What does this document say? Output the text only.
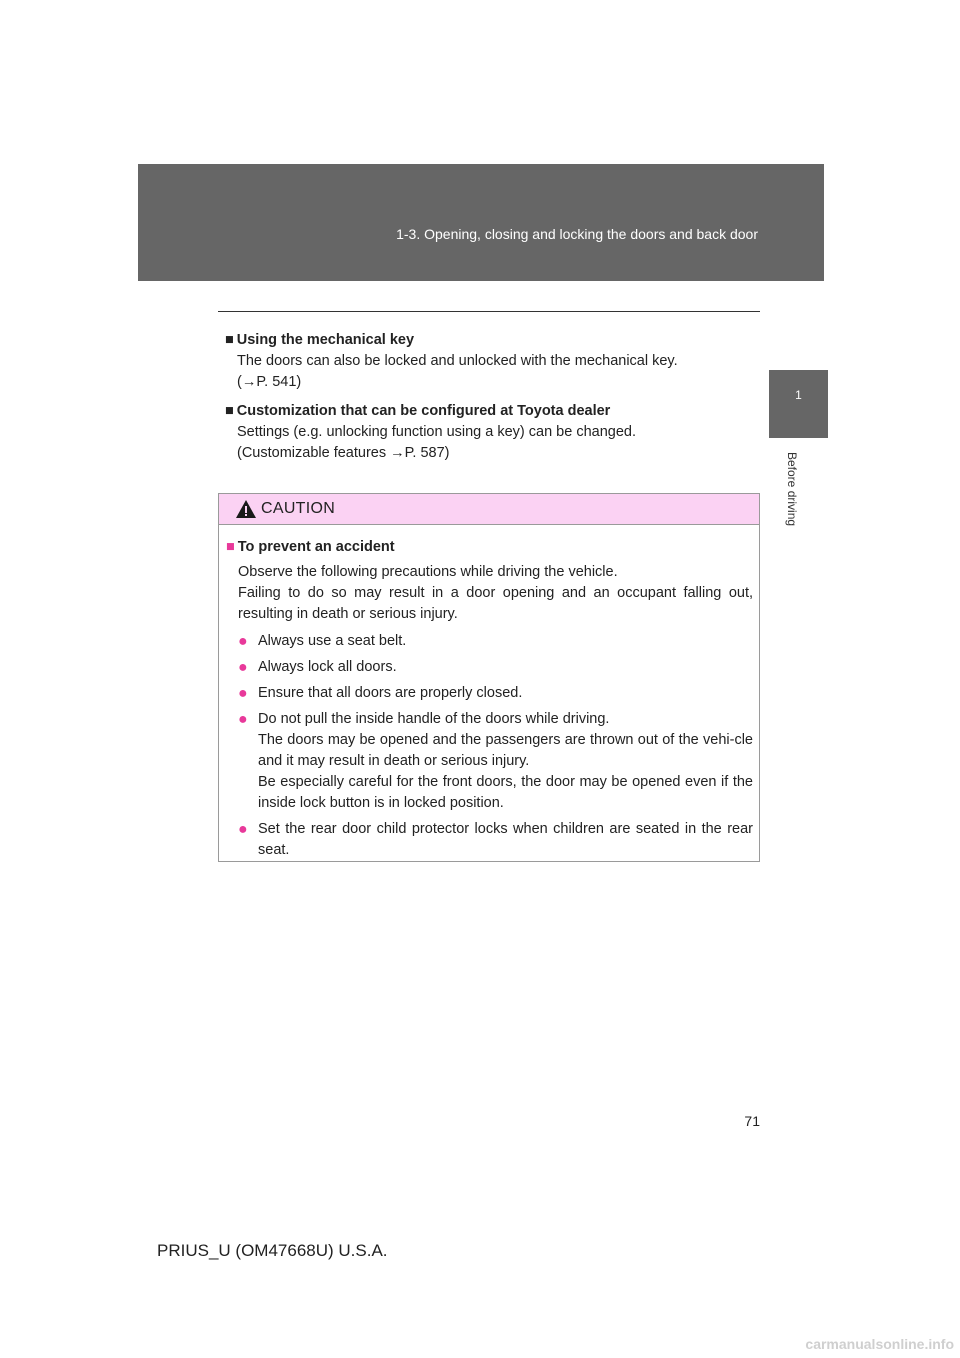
1-3. Opening, closing and locking the doors and back door
1
Before driving
■ Using the mechanical key
The doors can also be locked and unlocked with the mechanical key.
(→P. 541)
■ Customization that can be configured at Toyota dealer
Settings (e.g. unlocking function using a key) can be changed.
(Customizable features →P. 587)
CAUTION
■ To prevent an accident
Observe the following precautions while driving the vehicle.
Failing to do so may result in a door opening and an occupant falling out, resulting in death or serious injury.
● Always use a seat belt.
● Always lock all doors.
● Ensure that all doors are properly closed.
● Do not pull the inside handle of the doors while driving.
The doors may be opened and the passengers are thrown out of the vehi-cle and it may result in death or serious injury.
Be especially careful for the front doors, the door may be opened even if the inside lock button is in locked position.
● Set the rear door child protector locks when children are seated in the rear seat.
71
PRIUS_U (OM47668U) U.S.A.
carmanualsonline.info
